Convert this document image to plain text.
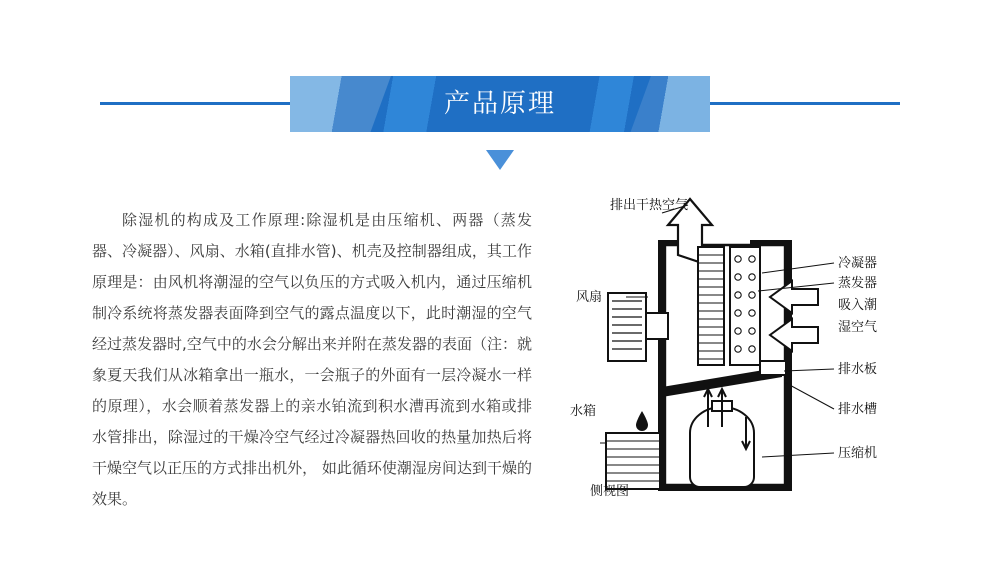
产品原理
除湿机的构成及工作原理:除湿机是由压缩机、两器（蒸发器、冷凝器）、风扇、水箱(直排水管)、机壳及控制器组成，其工作原理是：由风机将潮湿的空气以负压的方式吸入机内，通过压缩机制冷系统将蒸发器表面降到空气的露点温度以下，此时潮湿的空气经过蒸发器时,空气中的水会分解出来并附在蒸发器的表面（注：就象夏天我们从冰箱拿出一瓶水，一会瓶子的外面有一层冷凝水一样的原理），水会顺着蒸发器上的亲水铂流到积水漕再流到水箱或排水管排出，除湿过的干燥冷空气经过冷凝器热回收的热量加热后将干燥空气以正压的方式排出机外， 如此循环使潮湿房间达到干燥的效果。
排出干热空气
风扇
水箱
冷凝器
蒸发器
吸入潮
湿空气
排水板
排水槽
压缩机
侧视图
